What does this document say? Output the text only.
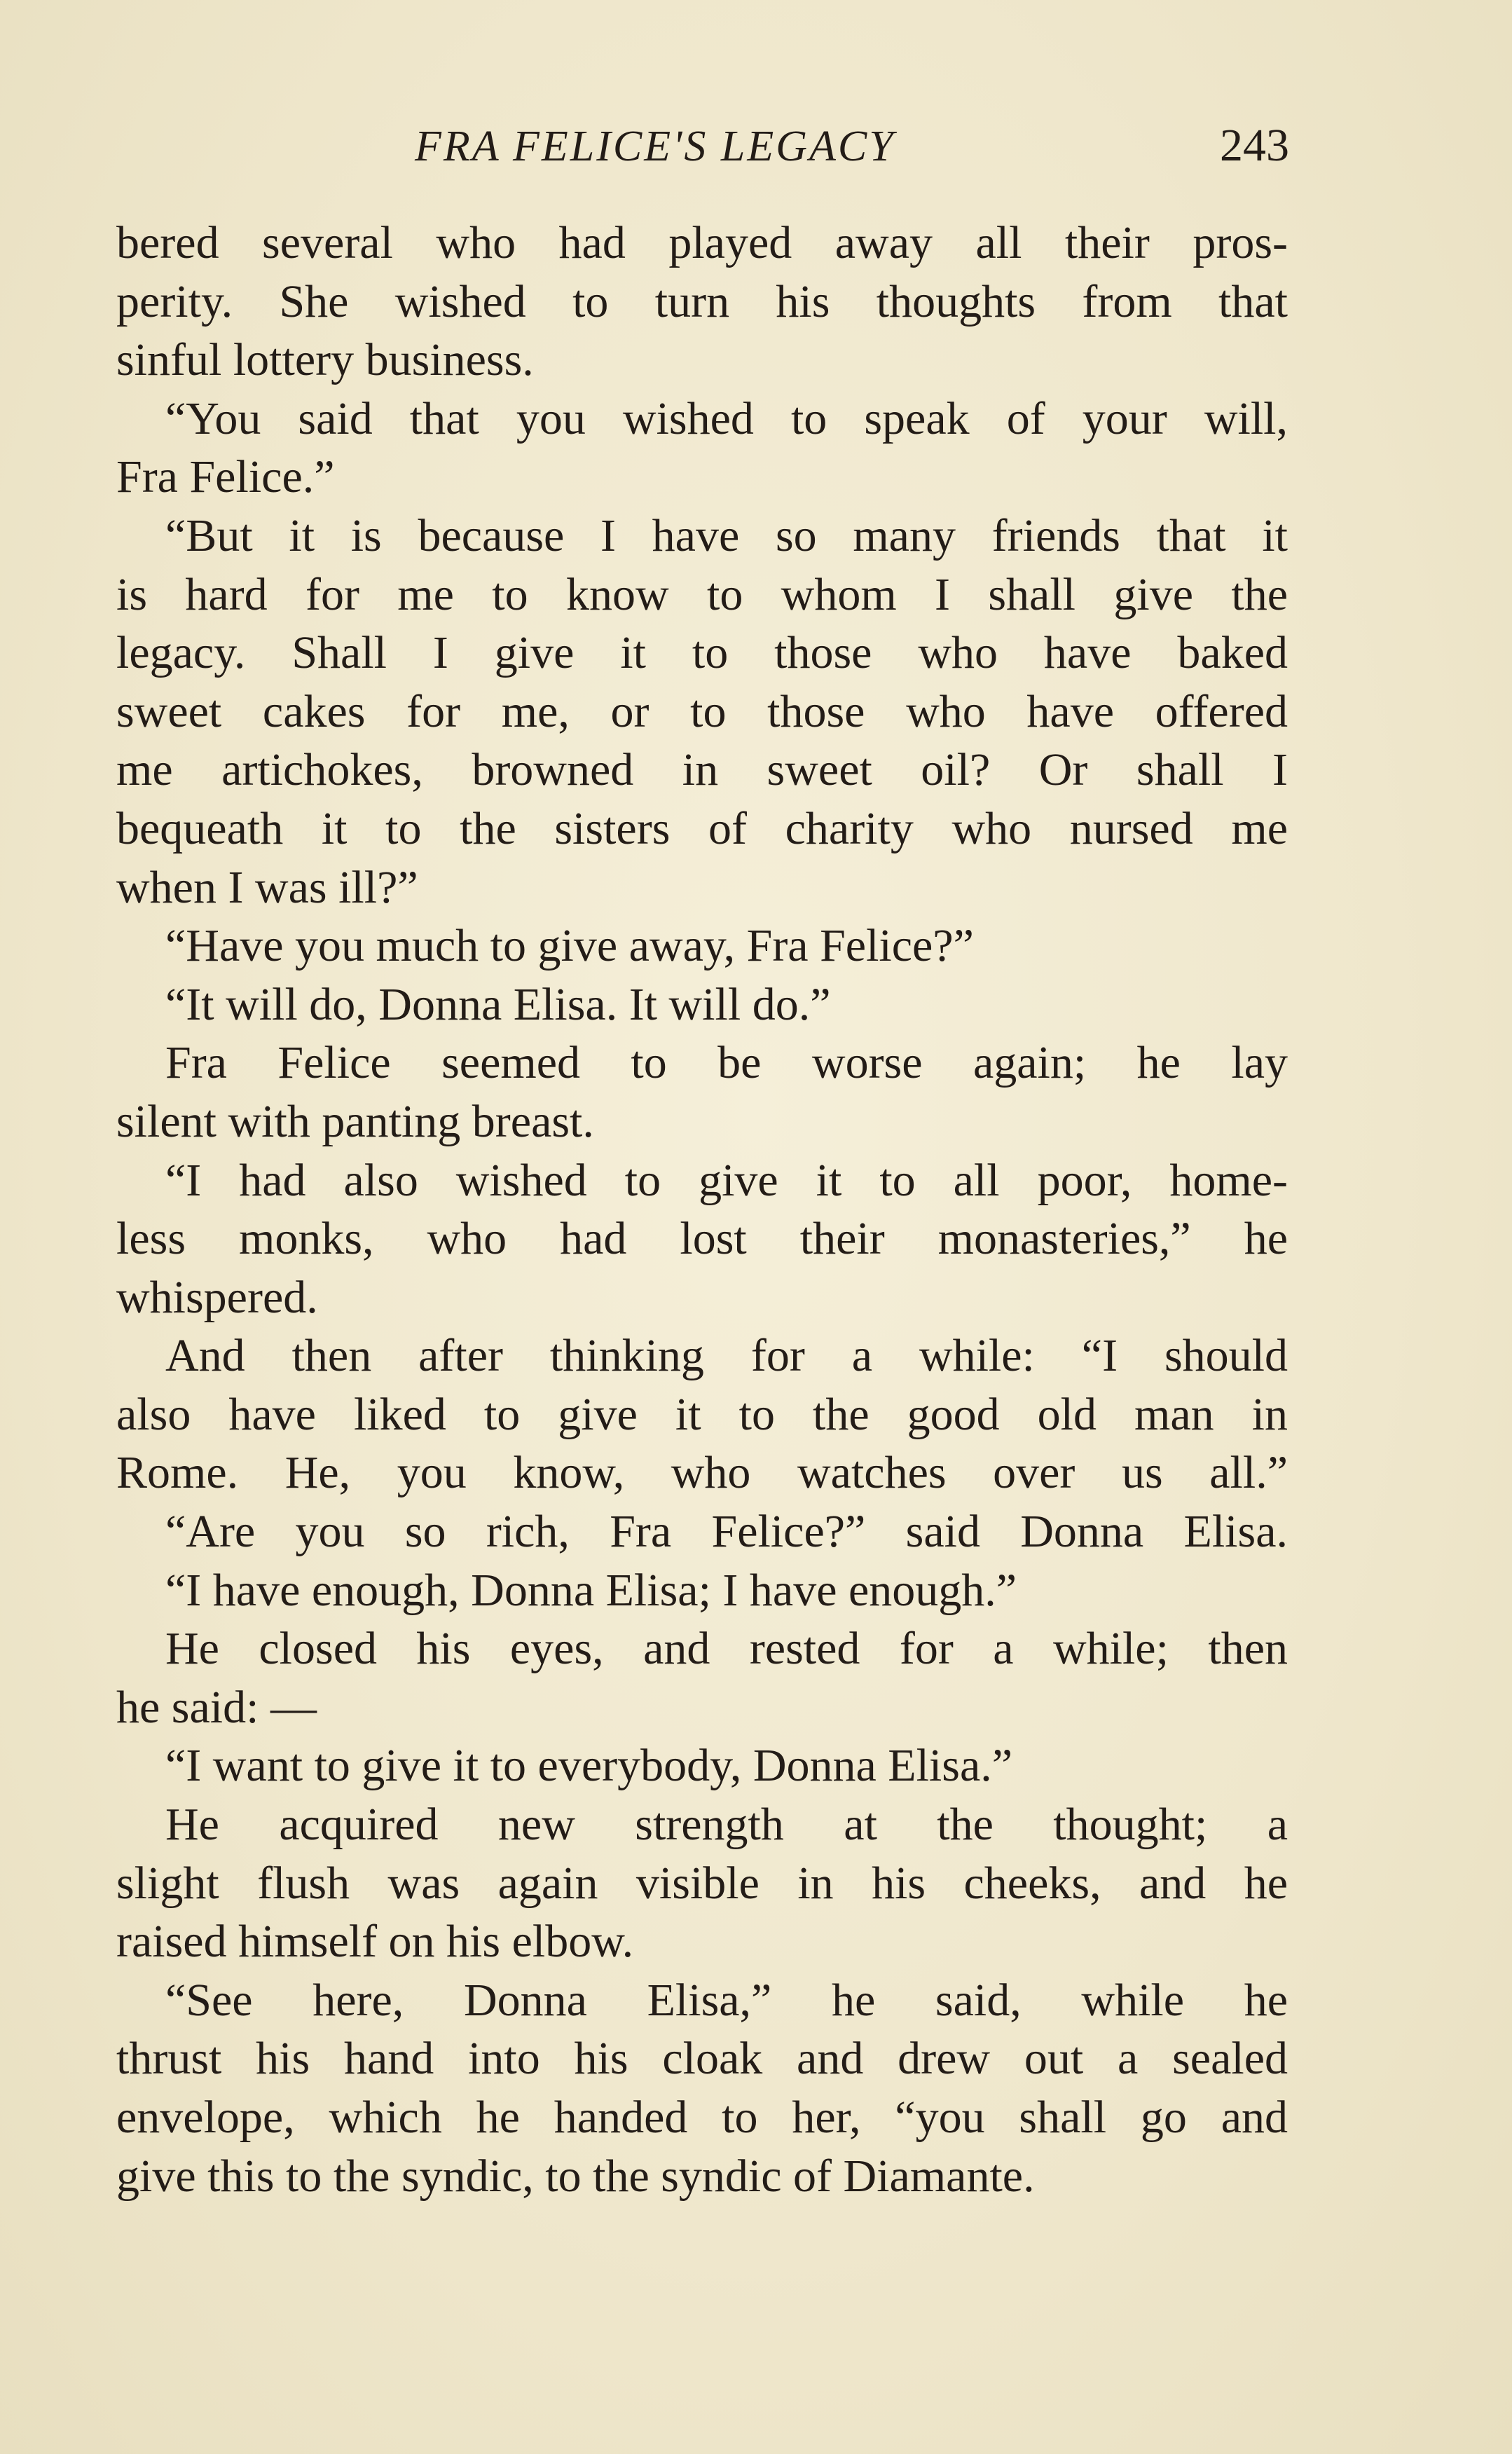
FRA FELICE'S LEGACY	243
bered several who had played away all their pros-
perity. She wished to turn his thoughts from that
sinful lottery business.
“You said that you wished to speak of your will,
Fra Felice.”
“But it is because I have so many friends that it
is hard for me to know to whom I shall give the
legacy. Shall I give it to those who have baked
sweet cakes for me, or to those who have offered
me artichokes, browned in sweet oil? Or shall I
bequeath it to the sisters of charity who nursed me
when I was ill?”
“Have you much to give away, Fra Felice?”
“It will do, Donna Elisa. It will do.”
Fra Felice seemed to be worse again; he lay
silent with panting breast.
“I had also wished to give it to all poor, home-
less monks, who had lost their monasteries,” he
whispered.
And then after thinking for a while: “I should
also have liked to give it to the good old man in
Rome. He, you know, who watches over us all.”
“Are you so rich, Fra Felice?” said Donna Elisa.
“I have enough, Donna Elisa; I have enough.”
He closed his eyes, and rested for a while; then
he said: —
“I want to give it to everybody, Donna Elisa.”
He acquired new strength at the thought; a
slight flush was again visible in his cheeks, and he
raised himself on his elbow.
“See here, Donna Elisa,” he said, while he
thrust his hand into his cloak and drew out a sealed
envelope, which he handed to her, “you shall go and
give this to the syndic, to the syndic of Diamante.
